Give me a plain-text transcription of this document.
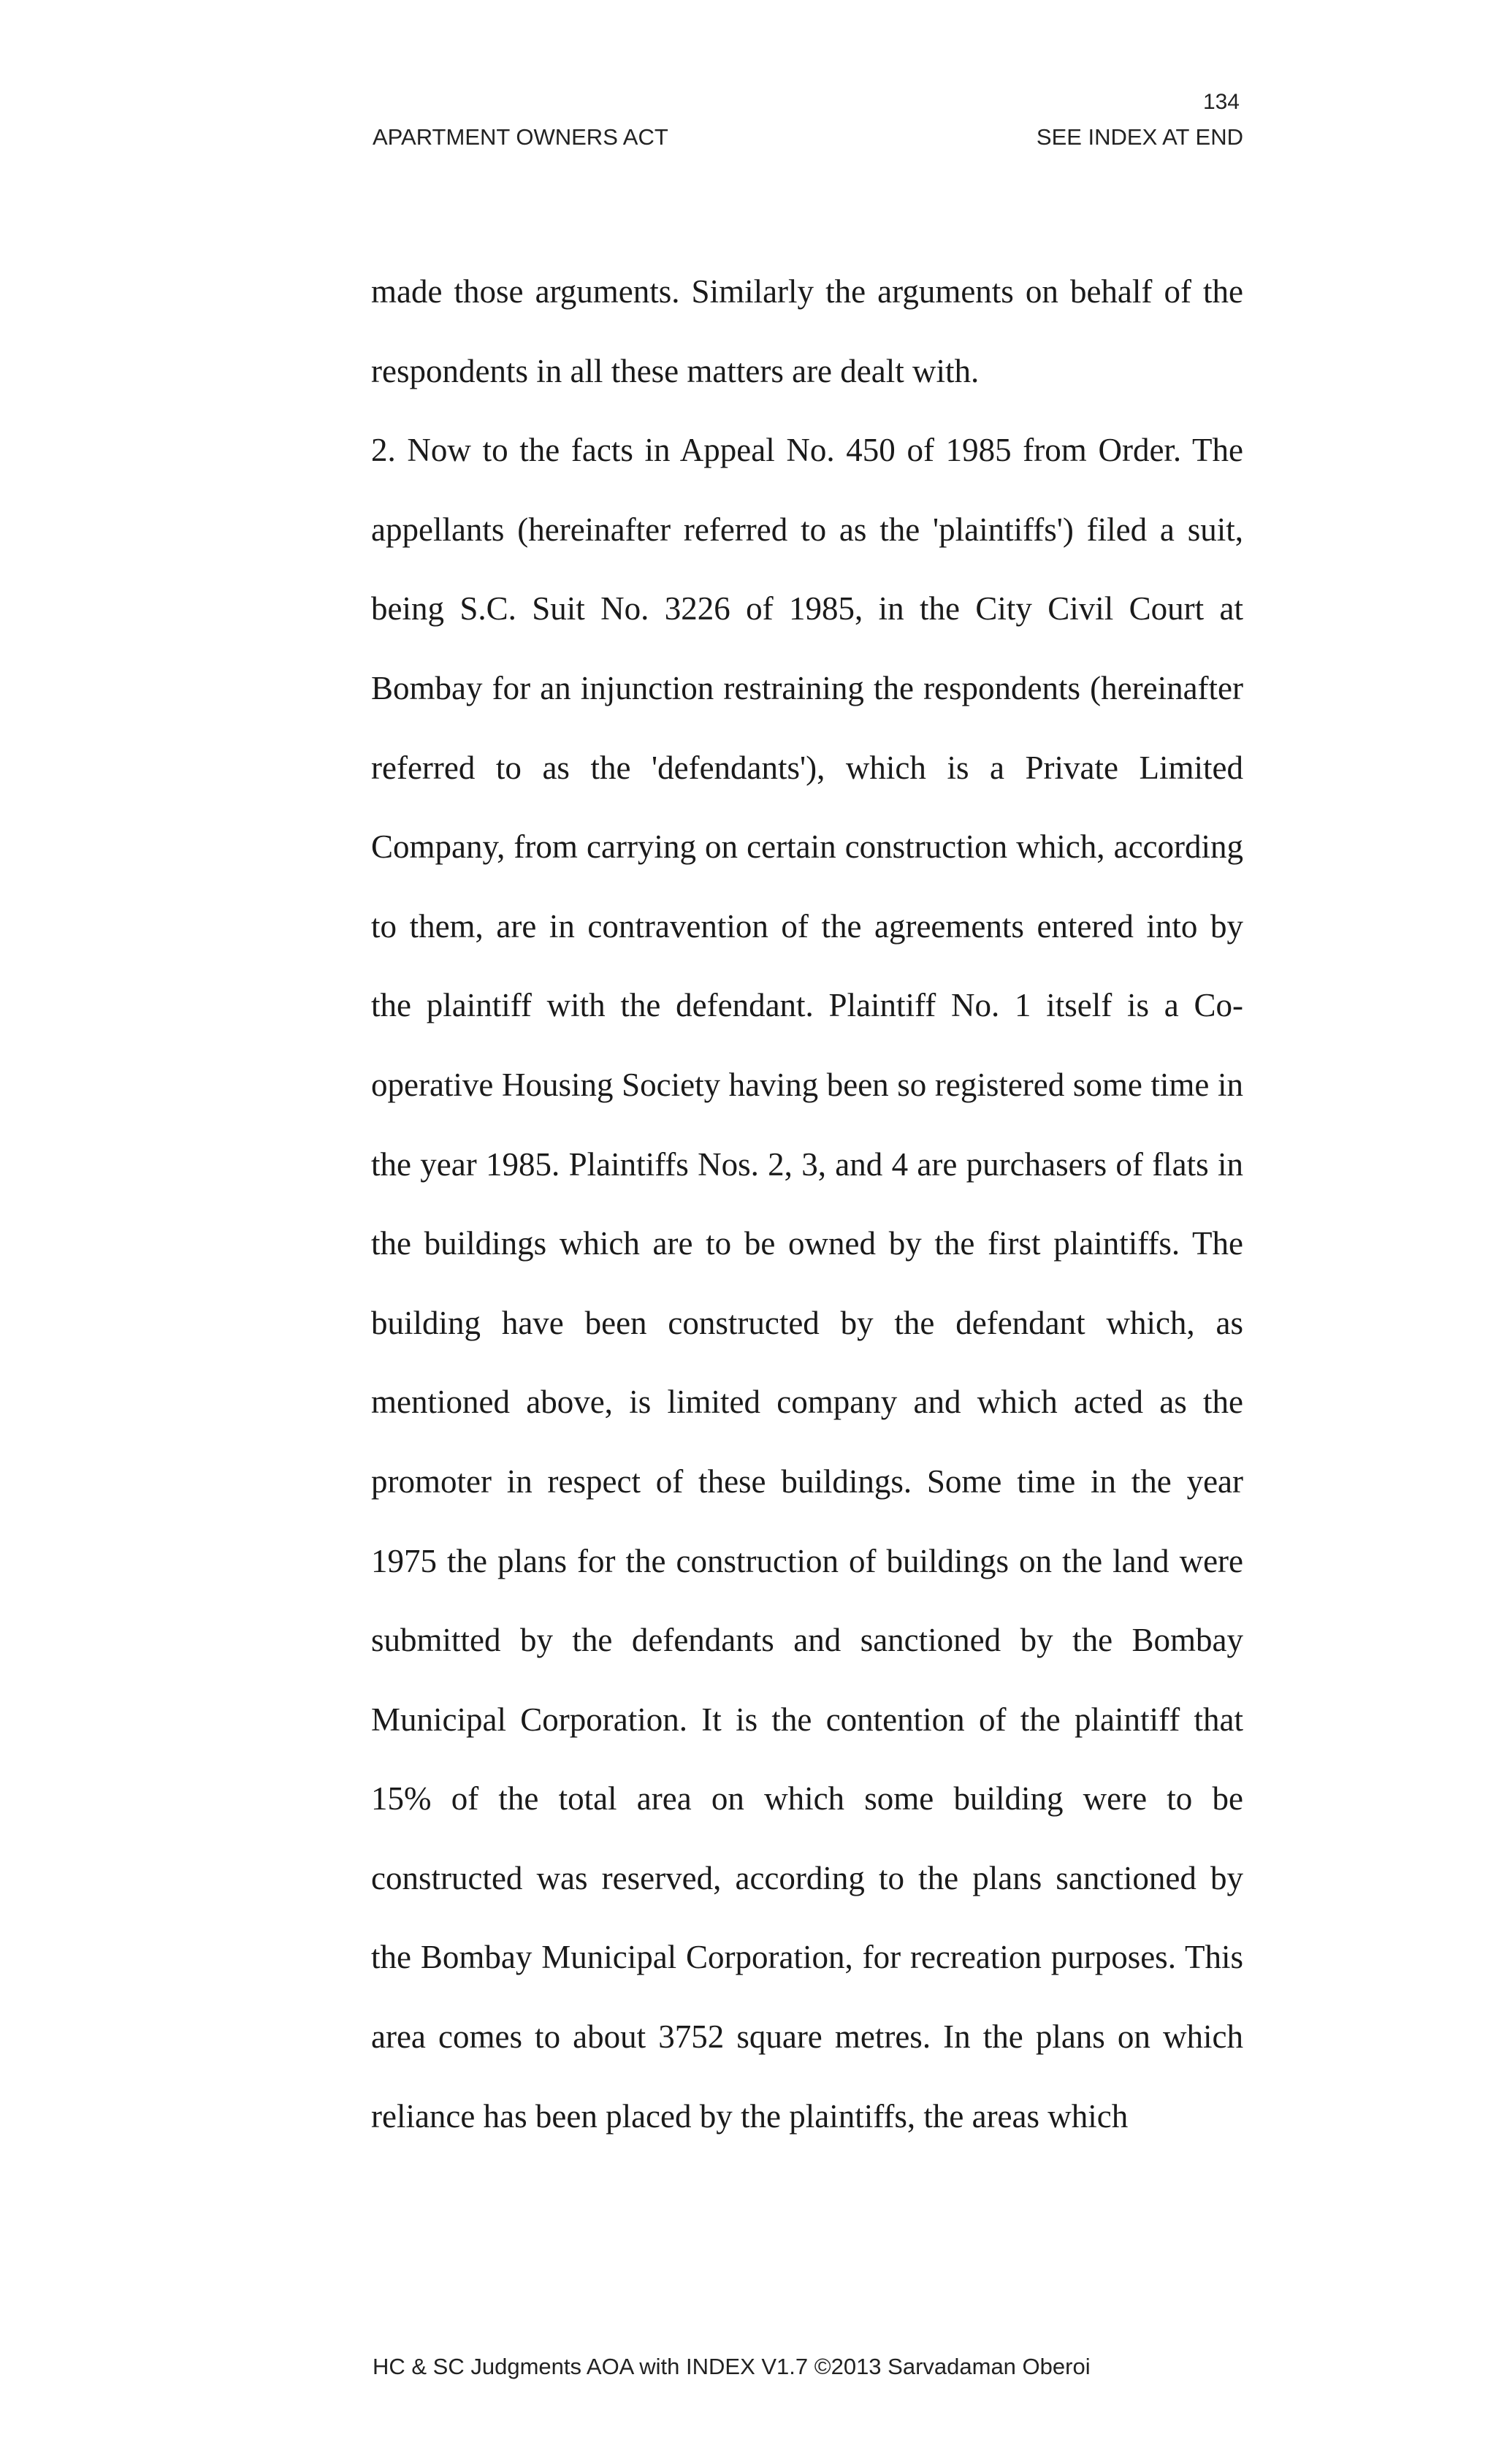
134
APARTMENT OWNERS ACT	SEE INDEX AT END

made those arguments. Similarly the arguments on behalf of the respondents in all these matters are dealt with.

2. Now to the facts in Appeal No. 450 of 1985 from Order. The appellants (hereinafter referred to as the 'plaintiffs') filed a suit, being S.C. Suit No. 3226 of 1985, in the City Civil Court at Bombay for an injunction restraining the respondents (hereinafter referred to as the 'defendants'), which is a Private Limited Company, from carrying on certain construction which, according to them, are in contravention of the agreements entered into by the plaintiff with the defendant. Plaintiff No. 1 itself is a Co-operative Housing Society having been so registered some time in the year 1985. Plaintiffs Nos. 2, 3, and 4 are purchasers of flats in the buildings which are to be owned by the first plaintiffs. The building have been constructed by the defendant which, as mentioned above, is limited company and which acted as the promoter in respect of these buildings. Some time in the year 1975 the plans for the construction of buildings on the land were submitted by the defendants and sanctioned by the Bombay Municipal Corporation. It is the contention of the plaintiff that 15% of the total area on which some building were to be constructed was reserved, according to the plans sanctioned by the Bombay Municipal Corporation, for recreation purposes. This area comes to about 3752 square metres. In the plans on which reliance has been placed by the plaintiffs, the areas which

HC & SC Judgments AOA with INDEX V1.7 ©2013 Sarvadaman Oberoi
